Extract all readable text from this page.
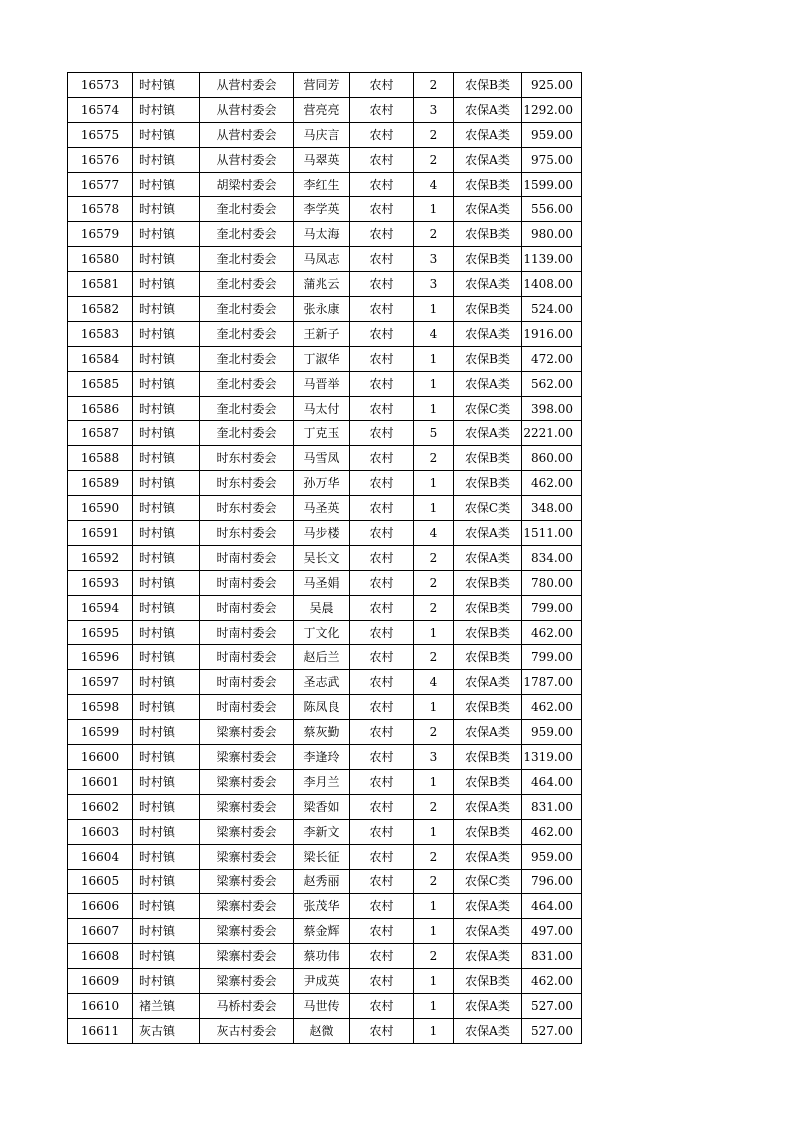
16573	时村镇	从营村委会	营同芳	农村	2	农保B类	925.00
16574	时村镇	从营村委会	营亮亮	农村	3	农保A类	1292.00
16575	时村镇	从营村委会	马庆言	农村	2	农保A类	959.00
16576	时村镇	从营村委会	马翠英	农村	2	农保A类	975.00
16577	时村镇	胡梁村委会	李红生	农村	4	农保B类	1599.00
16578	时村镇	奎北村委会	李学英	农村	1	农保A类	556.00
16579	时村镇	奎北村委会	马太海	农村	2	农保B类	980.00
16580	时村镇	奎北村委会	马凤志	农村	3	农保B类	1139.00
16581	时村镇	奎北村委会	蒲兆云	农村	3	农保A类	1408.00
16582	时村镇	奎北村委会	张永康	农村	1	农保B类	524.00
16583	时村镇	奎北村委会	王新子	农村	4	农保A类	1916.00
16584	时村镇	奎北村委会	丁淑华	农村	1	农保B类	472.00
16585	时村镇	奎北村委会	马晋举	农村	1	农保A类	562.00
16586	时村镇	奎北村委会	马太付	农村	1	农保C类	398.00
16587	时村镇	奎北村委会	丁克玉	农村	5	农保A类	2221.00
16588	时村镇	时东村委会	马雪凤	农村	2	农保B类	860.00
16589	时村镇	时东村委会	孙万华	农村	1	农保B类	462.00
16590	时村镇	时东村委会	马圣英	农村	1	农保C类	348.00
16591	时村镇	时东村委会	马步楼	农村	4	农保A类	1511.00
16592	时村镇	时南村委会	吴长文	农村	2	农保A类	834.00
16593	时村镇	时南村委会	马圣娟	农村	2	农保B类	780.00
16594	时村镇	时南村委会	吴晨	农村	2	农保B类	799.00
16595	时村镇	时南村委会	丁文化	农村	1	农保B类	462.00
16596	时村镇	时南村委会	赵后兰	农村	2	农保B类	799.00
16597	时村镇	时南村委会	圣志武	农村	4	农保A类	1787.00
16598	时村镇	时南村委会	陈凤良	农村	1	农保B类	462.00
16599	时村镇	梁寨村委会	蔡灰勤	农村	2	农保A类	959.00
16600	时村镇	梁寨村委会	李逢玲	农村	3	农保B类	1319.00
16601	时村镇	梁寨村委会	李月兰	农村	1	农保B类	464.00
16602	时村镇	梁寨村委会	梁香如	农村	2	农保A类	831.00
16603	时村镇	梁寨村委会	李新文	农村	1	农保B类	462.00
16604	时村镇	梁寨村委会	梁长征	农村	2	农保A类	959.00
16605	时村镇	梁寨村委会	赵秀丽	农村	2	农保C类	796.00
16606	时村镇	梁寨村委会	张茂华	农村	1	农保A类	464.00
16607	时村镇	梁寨村委会	蔡金辉	农村	1	农保A类	497.00
16608	时村镇	梁寨村委会	蔡功伟	农村	2	农保A类	831.00
16609	时村镇	梁寨村委会	尹成英	农村	1	农保B类	462.00
16610	褚兰镇	马桥村委会	马世传	农村	1	农保A类	527.00
16611	灰古镇	灰古村委会	赵微	农村	1	农保A类	527.00
